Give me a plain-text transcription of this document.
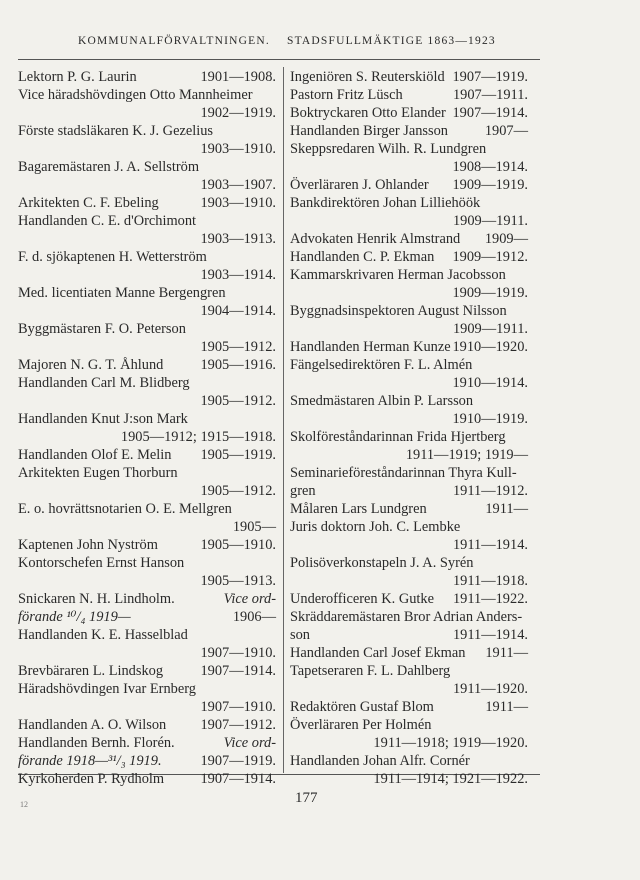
KOMMUNALFÖRVALTNINGEN. STADSFULLMÄKTIGE 1863—1923
Lektorn P. G. Laurin	1901—1908.
Vice häradshövdingen Otto Mannheimer
1902—1919.
Förste stadsläkaren K. J. Gezelius
1903—1910.
Bagaremästaren J. A. Sellström
1903—1907.
Arkitekten C. F. Ebeling	1903—1910.
Handlanden C. E. d'Orchimont
1903—1913.
F. d. sjökaptenen H. Wetterström
1903—1914.
Med. licentiaten Manne Bergengren
1904—1914.
Byggmästaren F. O. Peterson
1905—1912.
Majoren N. G. T. Åhlund	1905—1916.
Handlanden Carl M. Blidberg
1905—1912.
Handlanden Knut J:son Mark
1905—1912; 1915—1918.
Handlanden Olof E. Melin 1905—1919.
Arkitekten Eugen Thorburn
1905—1912.
E. o. hovrättsnotarien O. E. Mellgren
1905—
Kaptenen John Nyström	1905—1910.
Kontorschefen Ernst Hanson
1905—1913.
Snickaren N. H. Lindholm.	Vice ord-
förande ¹⁰/₄ 1919—	1906—
Handlanden K. E. Hasselblad
1907—1910.
Brevbäraren L. Lindskog	1907—1914.
Häradshövdingen Ivar Ernberg
1907—1910.
Handlanden A. O. Wilson 1907—1912.
Handlanden Bernh. Florén.	Vice ord-
förande 1918—³¹/₃ 1919.	1907—1919.
Kyrkoherden P. Rydholm	1907—1914.
Ingeniören S. Reuterskiöld 1907—1919.
Pastorn Fritz Lüsch	1907—1911.
Boktryckaren Otto Elander 1907—1914.
Handlanden Birger Jansson	1907—
Skeppsredaren Wilh. R. Lundgren
1908—1914.
Överläraren J. Ohlander 1909—1919.
Bankdirektören Johan Lilliehöök
1909—1911.
Advokaten Henrik Almstrand 1909—
Handlanden C. P. Ekman 1909—1912.
Kammarskrivaren Herman Jacobsson
1909—1919.
Byggnadsinspektoren August Nilsson
1909—1911.
Handlanden Herman Kunze 1910—1920.
Fängelsedirektören F. L. Almén
1910—1914.
Smedmästaren Albin P. Larsson
1910—1919.
Skolföreståndarinnan Frida Hjertberg
1911—1919; 1919—
Seminarieföreståndarinnan Thyra Kull-
gren	1911—1912.
Målaren Lars Lundgren	1911—
Juris doktorn Joh. C. Lembke
1911—1914.
Polisöverkonstapeln J. A. Syrén
1911—1918.
Underofficeren K. Gutke 1911—1922.
Skräddaremästaren Bror Adrian Anders-
son	1911—1914.
Handlanden Carl Josef Ekman 1911—
Tapetseraren F. L. Dahlberg
1911—1920.
Redaktören Gustaf Blom	1911—
Överläraren Per Holmén
1911—1918; 1919—1920.
Handlanden Johan Alfr. Cornér
1911—1914; 1921—1922.
177
12
